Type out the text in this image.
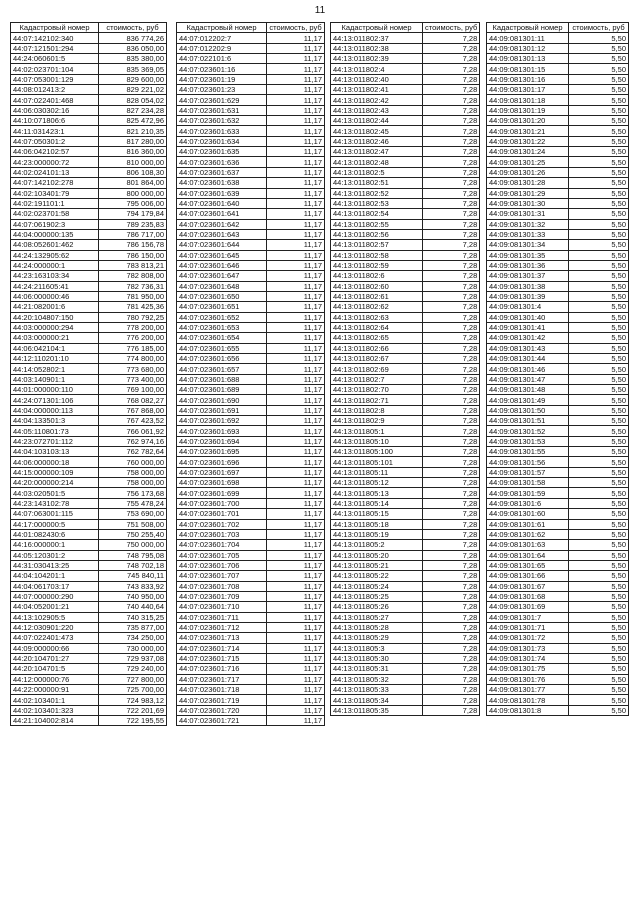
11
Кадастровый номер	стоимость, руб
44:07:142102:340	836 774,26
44:07:121501:294	836 050,00
44:24:060601:5	835 380,00
44:02:023701:104	835 369,05
44:07:053001:129	829 600,00
44:08:012413:2	829 221,02
44:07:022401:468	828 054,02
44:06:030302:16	827 234,28
44:10:071806:6	825 472,96
44:11:031423:1	821 210,35
44:07:050301:2	817 280,00
44:06:042102:57	816 360,00
44:23:000000:72	810 000,00
44:02:024101:13	806 108,30
44:07:142102:278	801 864,00
44:02:103401:79	800 000,00
44:02:191101:1	795 006,00
44:02:023701:58	794 179,84
44:07:061902:3	789 235,83
44:04:000000:135	786 717,00
44:08:052601:462	786 156,78
44:24:132905:62	786 150,00
44:24:000000:1	783 813,21
44:23:163103:34	782 808,00
44:24:211605:41	782 736,31
44:06:000000:46	781 950,00
44:21:082001:6	781 425,36
44:20:104807:150	780 792,25
44:03:000000:294	778 200,00
44:03:000000:21	776 200,00
44:06:042104:1	776 185,00
44:12:110201:10	774 800,00
44:14:052802:1	773 680,00
44:03:140901:1	773 400,00
44:01:000000:110	769 100,00
44:24:071301:106	768 082,27
44:04:000000:113	767 868,00
44:04:133501:3	767 423,52
44:05:110801:73	766 061,92
44:23:072701:112	762 974,16
44:04:103103:13	762 782,64
44:06:000000:18	760 000,00
44:15:000000:109	758 000,00
44:20:000000:214	758 000,00
44:03:020501:5	756 173,68
44:23:143102:78	755 478,24
44:07:063001:115	753 690,00
44:17:000000:5	751 508,00
44:01:082430:6	750 255,40
44:16:000000:1	750 000,00
44:05:120301:2	748 795,08
44:31:030413:25	748 702,18
44:04:104201:1	745 840,11
44:04:061703:17	743 833,92
44:07:000000:290	740 950,00
44:04:052001:21	740 440,64
44:13:102905:5	740 315,25
44:12:030901:220	735 877,00
44:07:022401:473	734 250,00
44:09:000000:66	730 000,00
44:20:104701:27	729 937,08
44:20:104701:5	729 240,00
44:12:000000:76	727 800,00
44:22:000000:91	725 700,00
44:02:103401:1	724 983,12
44:02:103401:323	722 201,69
44:21:104002:814	722 195,55
Кадастровый номер	стоимость, руб
44:07:012202:7	11,17
44:07:012202:9	11,17
44:07:022101:6	11,17
44:07:023601:16	11,17
44:07:023601:19	11,17
44:07:023601:23	11,17
44:07:023601:629	11,17
44:07:023601:631	11,17
44:07:023601:632	11,17
44:07:023601:633	11,17
44:07:023601:634	11,17
44:07:023601:635	11,17
44:07:023601:636	11,17
44:07:023601:637	11,17
44:07:023601:638	11,17
44:07:023601:639	11,17
44:07:023601:640	11,17
44:07:023601:641	11,17
44:07:023601:642	11,17
44:07:023601:643	11,17
44:07:023601:644	11,17
44:07:023601:645	11,17
44:07:023601:646	11,17
44:07:023601:647	11,17
44:07:023601:648	11,17
44:07:023601:650	11,17
44:07:023601:651	11,17
44:07:023601:652	11,17
44:07:023601:653	11,17
44:07:023601:654	11,17
44:07:023601:655	11,17
44:07:023601:656	11,17
44:07:023601:657	11,17
44:07:023601:688	11,17
44:07:023601:689	11,17
44:07:023601:690	11,17
44:07:023601:691	11,17
44:07:023601:692	11,17
44:07:023601:693	11,17
44:07:023601:694	11,17
44:07:023601:695	11,17
44:07:023601:696	11,17
44:07:023601:697	11,17
44:07:023601:698	11,17
44:07:023601:699	11,17
44:07:023601:700	11,17
44:07:023601:701	11,17
44:07:023601:702	11,17
44:07:023601:703	11,17
44:07:023601:704	11,17
44:07:023601:705	11,17
44:07:023601:706	11,17
44:07:023601:707	11,17
44:07:023601:708	11,17
44:07:023601:709	11,17
44:07:023601:710	11,17
44:07:023601:711	11,17
44:07:023601:712	11,17
44:07:023601:713	11,17
44:07:023601:714	11,17
44:07:023601:715	11,17
44:07:023601:716	11,17
44:07:023601:717	11,17
44:07:023601:718	11,17
44:07:023601:719	11,17
44:07:023601:720	11,17
44:07:023601:721	11,17
Кадастровый номер	стоимость, руб
44:13:011802:37	7,28
44:13:011802:38	7,28
44:13:011802:39	7,28
44:13:011802:4	7,28
44:13:011802:40	7,28
44:13:011802:41	7,28
44:13:011802:42	7,28
44:13:011802:43	7,28
44:13:011802:44	7,28
44:13:011802:45	7,28
44:13:011802:46	7,28
44:13:011802:47	7,28
44:13:011802:48	7,28
44:13:011802:5	7,28
44:13:011802:51	7,28
44:13:011802:52	7,28
44:13:011802:53	7,28
44:13:011802:54	7,28
44:13:011802:55	7,28
44:13:011802:56	7,28
44:13:011802:57	7,28
44:13:011802:58	7,28
44:13:011802:59	7,28
44:13:011802:6	7,28
44:13:011802:60	7,28
44:13:011802:61	7,28
44:13:011802:62	7,28
44:13:011802:63	7,28
44:13:011802:64	7,28
44:13:011802:65	7,28
44:13:011802:66	7,28
44:13:011802:67	7,28
44:13:011802:69	7,28
44:13:011802:7	7,28
44:13:011802:70	7,28
44:13:011802:71	7,28
44:13:011802:8	7,28
44:13:011802:9	7,28
44:13:011805:1	7,28
44:13:011805:10	7,28
44:13:011805:100	7,28
44:13:011805:101	7,28
44:13:011805:11	7,28
44:13:011805:12	7,28
44:13:011805:13	7,28
44:13:011805:14	7,28
44:13:011805:15	7,28
44:13:011805:18	7,28
44:13:011805:19	7,28
44:13:011805:2	7,28
44:13:011805:20	7,28
44:13:011805:21	7,28
44:13:011805:22	7,28
44:13:011805:24	7,28
44:13:011805:25	7,28
44:13:011805:26	7,28
44:13:011805:27	7,28
44:13:011805:28	7,28
44:13:011805:29	7,28
44:13:011805:3	7,28
44:13:011805:30	7,28
44:13:011805:31	7,28
44:13:011805:32	7,28
44:13:011805:33	7,28
44:13:011805:34	7,28
44:13:011805:35	7,28
Кадастровый номер	стоимость, руб
44:09:081301:11	5,50
44:09:081301:12	5,50
44:09:081301:13	5,50
44:09:081301:15	5,50
44:09:081301:16	5,50
44:09:081301:17	5,50
44:09:081301:18	5,50
44:09:081301:19	5,50
44:09:081301:20	5,50
44:09:081301:21	5,50
44:09:081301:22	5,50
44:09:081301:24	5,50
44:09:081301:25	5,50
44:09:081301:26	5,50
44:09:081301:28	5,50
44:09:081301:29	5,50
44:09:081301:30	5,50
44:09:081301:31	5,50
44:09:081301:32	5,50
44:09:081301:33	5,50
44:09:081301:34	5,50
44:09:081301:35	5,50
44:09:081301:36	5,50
44:09:081301:37	5,50
44:09:081301:38	5,50
44:09:081301:39	5,50
44:09:081301:4	5,50
44:09:081301:40	5,50
44:09:081301:41	5,50
44:09:081301:42	5,50
44:09:081301:43	5,50
44:09:081301:44	5,50
44:09:081301:46	5,50
44:09:081301:47	5,50
44:09:081301:48	5,50
44:09:081301:49	5,50
44:09:081301:50	5,50
44:09:081301:51	5,50
44:09:081301:52	5,50
44:09:081301:53	5,50
44:09:081301:55	5,50
44:09:081301:56	5,50
44:09:081301:57	5,50
44:09:081301:58	5,50
44:09:081301:59	5,50
44:09:081301:6	5,50
44:09:081301:60	5,50
44:09:081301:61	5,50
44:09:081301:62	5,50
44:09:081301:63	5,50
44:09:081301:64	5,50
44:09:081301:65	5,50
44:09:081301:66	5,50
44:09:081301:67	5,50
44:09:081301:68	5,50
44:09:081301:69	5,50
44:09:081301:7	5,50
44:09:081301:71	5,50
44:09:081301:72	5,50
44:09:081301:73	5,50
44:09:081301:74	5,50
44:09:081301:75	5,50
44:09:081301:76	5,50
44:09:081301:77	5,50
44:09:081301:78	5,50
44:09:081301:8	5,50
